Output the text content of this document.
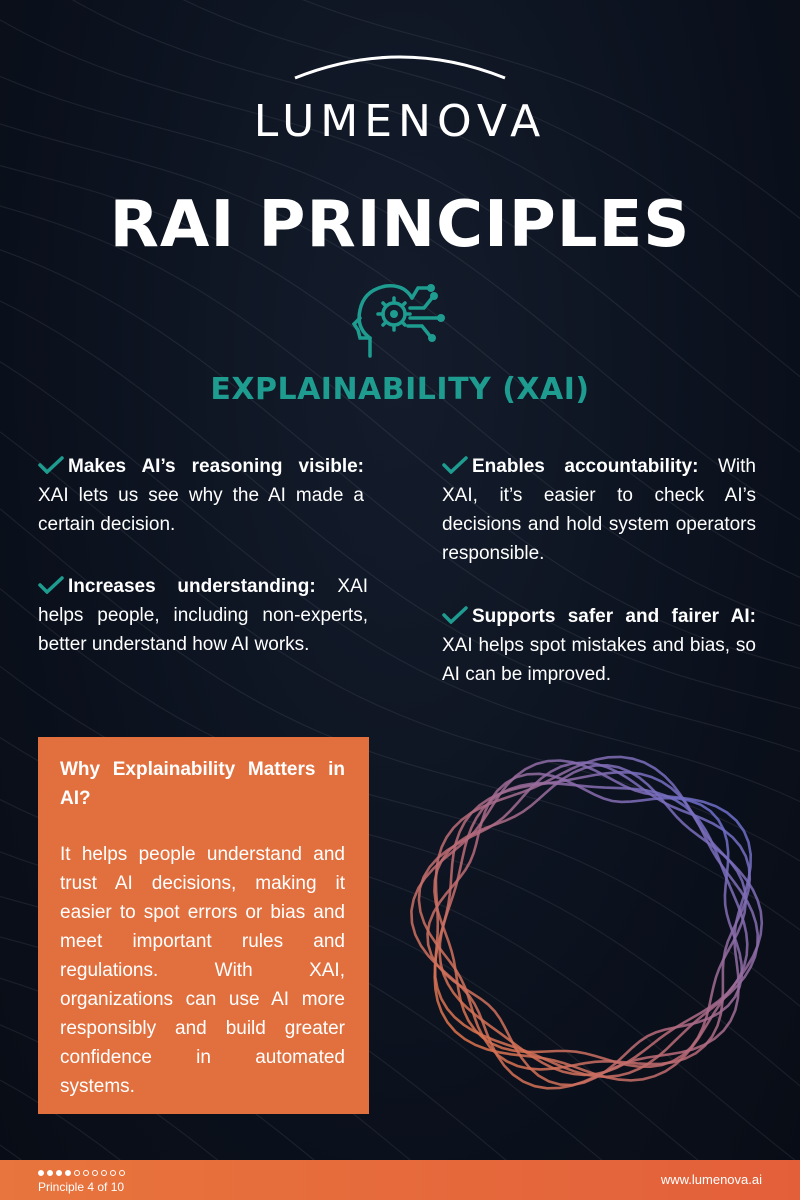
LUMENOVA
RAI PRINCIPLES
EXPLAINABILITY (XAI)
Makes AI’s reasoning visible: XAI lets us see why the AI made a certain decision.
Increases understanding: XAI helps people, including non-experts, better understand how AI works.
Enables accountability: With XAI, it’s easier to check AI’s decisions and hold system operators responsible.
Supports safer and fairer AI: XAI helps spot mistakes and bias, so AI can be improved.
Why Explainability Matters in AI?
It helps people understand and trust AI decisions, making it easier to spot errors or bias and meet important rules and regulations. With XAI, organizations can use AI more responsibly and build greater confidence in automated systems.
Principle 4 of 10	www.lumenova.ai
